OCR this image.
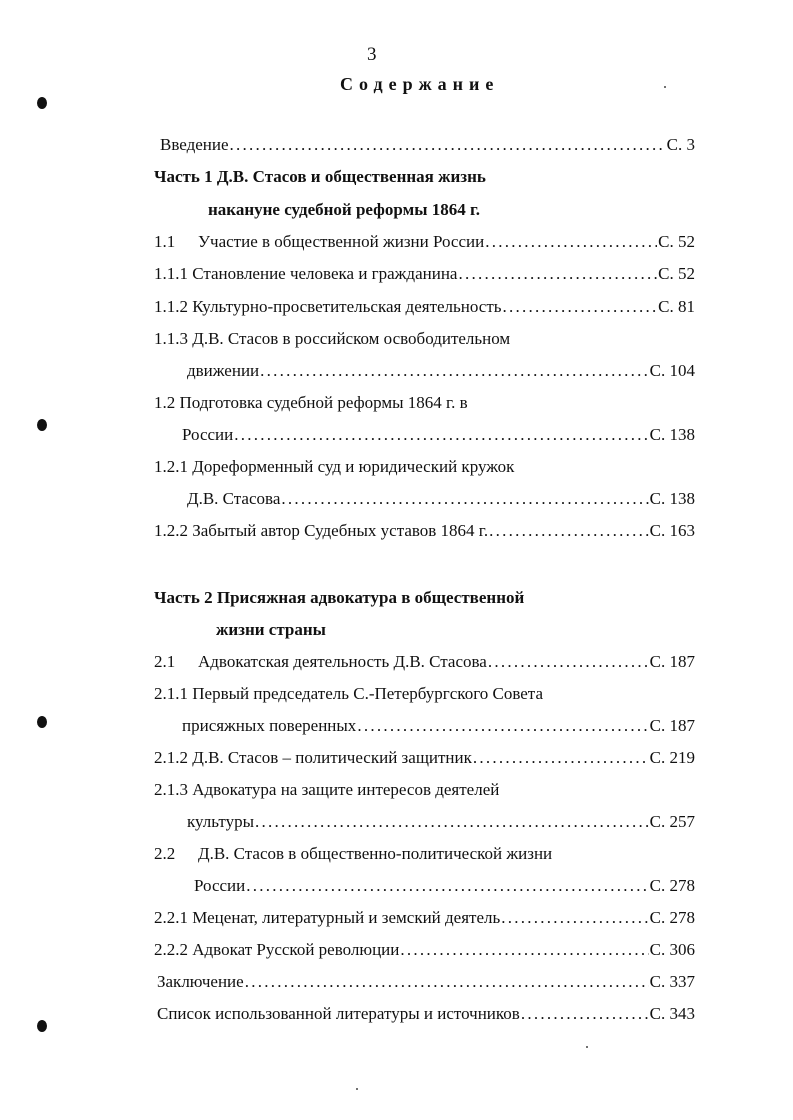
3
Содержание
Введение . . .	С. 3
Часть 1 Д.В. Стасов и общественная жизнь
накануне судебной реформы 1864 г.
1.1	Участие в общественной жизни России . . .	С. 52
1.1.1 Становление человека и гражданина . . .	С. 52
1.1.2 Культурно-просветительская деятельность . . .	С. 81
1.1.3 Д.В. Стасов в российском освободительном
движении . . .	С. 104
1.2 Подготовка судебной реформы 1864 г. в
России . . .	С. 138
1.2.1 Дореформенный суд и юридический кружок
Д.В. Стасова . . .	С. 138
1.2.2 Забытый автор Судебных уставов 1864 г. . . .	С. 163
Часть 2 Присяжная адвокатура в общественной
жизни страны
2.1	Адвокатская деятельность Д.В. Стасова . . .	С. 187
2.1.1 Первый председатель С.-Петербургского Совета
присяжных поверенных . . .	С. 187
2.1.2 Д.В. Стасов – политический защитник . . .	С. 219
2.1.3 Адвокатура на защите интересов деятелей
культуры . . .	С. 257
2.2 Д.В. Стасов в общественно-политической жизни
России . . .	С. 278
2.2.1 Меценат, литературный и земский деятель . . .	С. 278
2.2.2 Адвокат Русской революции . . .	С. 306
Заключение . . .	С. 337
Список использованной литературы и источников . . .	С. 343
